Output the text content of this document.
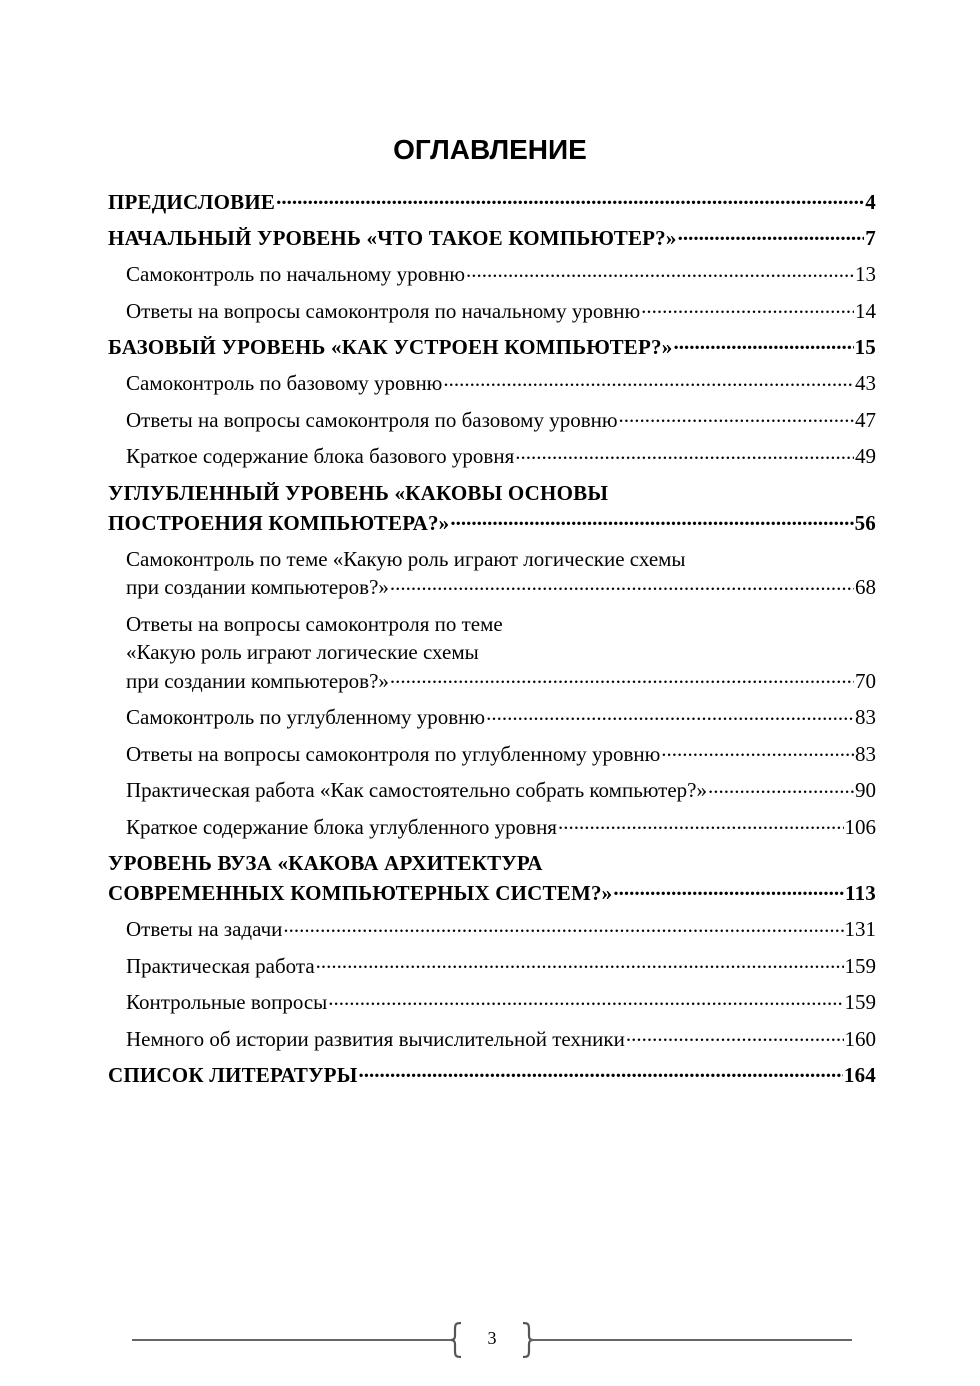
ОГЛАВЛЕНИЕ
ПРЕДИСЛОВИЕ .....	4
НАЧАЛЬНЫЙ УРОВЕНЬ «ЧТО ТАКОЕ КОМПЬЮТЕР?» .....	7
Самоконтроль по начальному уровню .....	13
Ответы на вопросы самоконтроля по начальному уровню .....	14
БАЗОВЫЙ УРОВЕНЬ «КАК УСТРОЕН КОМПЬЮТЕР?» .....	15
Самоконтроль по базовому уровню .....	43
Ответы на вопросы самоконтроля по базовому уровню .....	47
Краткое содержание блока базового уровня .....	49
УГЛУБЛЕННЫЙ УРОВЕНЬ «КАКОВЫ ОСНОВЫ
ПОСТРОЕНИЯ КОМПЬЮТЕРА?» .....	56
Самоконтроль по теме «Какую роль играют логические схемы
при создании компьютеров?» .....	68
Ответы на вопросы самоконтроля по теме
«Какую роль играют логические схемы
при создании компьютеров?» .....	70
Самоконтроль по углубленному уровню .....	83
Ответы на вопросы самоконтроля по углубленному уровню .....	83
Практическая работа «Как самостоятельно собрать компьютер?» .....	90
Краткое содержание блока углубленного уровня .....	106
УРОВЕНЬ ВУЗА «КАКОВА АРХИТЕКТУРА
СОВРЕМЕННЫХ КОМПЬЮТЕРНЫХ СИСТЕМ?» .....	113
Ответы на задачи .....	131
Практическая работа .....	159
Контрольные вопросы .....	159
Немного об истории развития вычислительной техники .....	160
СПИСОК ЛИТЕРАТУРЫ .....	164
3
